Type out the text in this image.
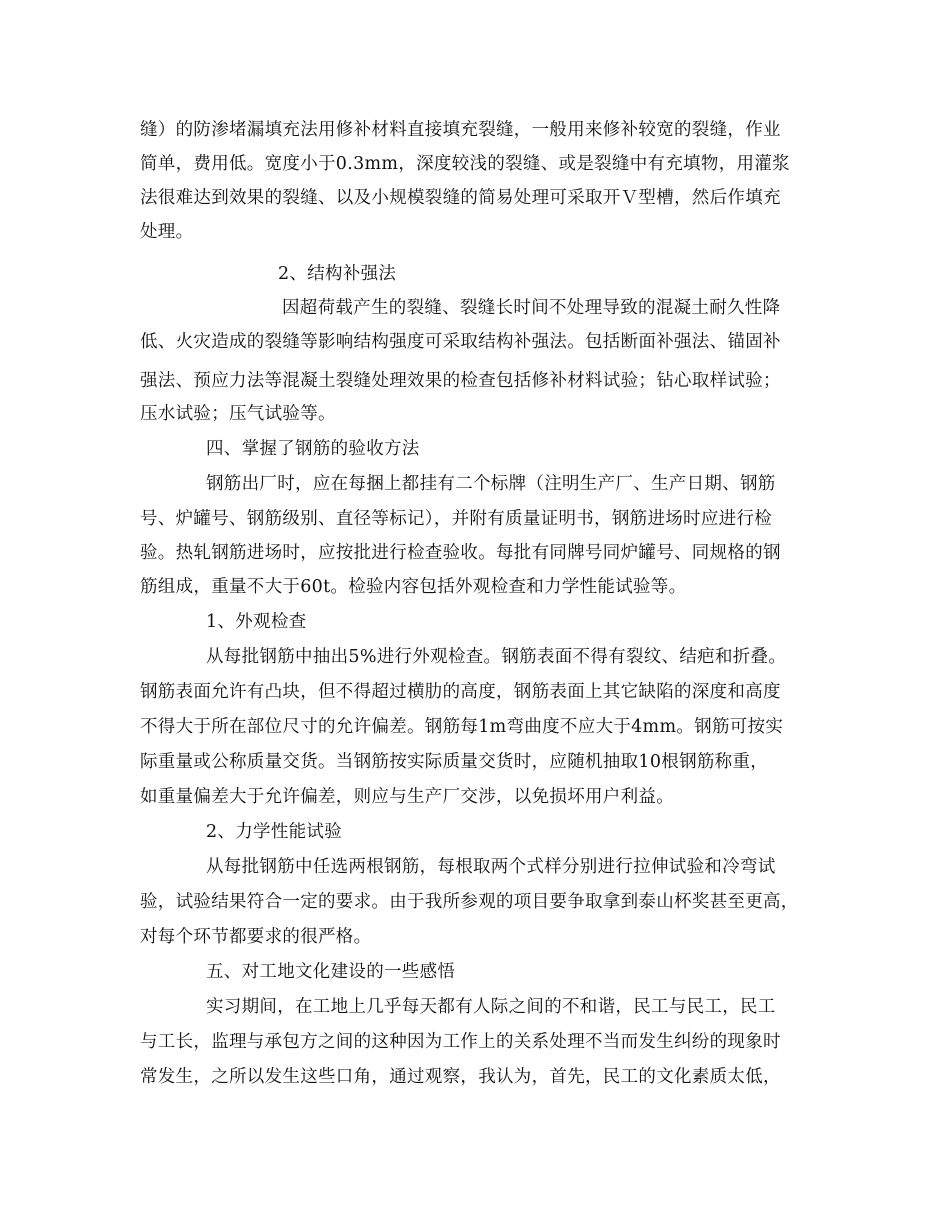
缝）的防渗堵漏填充法用修补材料直接填充裂缝，一般用来修补较宽的裂缝，作业
简单，费用低。宽度小于0.3mm，深度较浅的裂缝、或是裂缝中有充填物，用灌浆
法很难达到效果的裂缝、以及小规模裂缝的简易处理可采取开Ｖ型槽，然后作填充
处理。
2、结构补强法
因超荷载产生的裂缝、裂缝长时间不处理导致的混凝土耐久性降
低、火灾造成的裂缝等影响结构强度可采取结构补强法。包括断面补强法、锚固补
强法、预应力法等混凝土裂缝处理效果的检查包括修补材料试验；钻心取样试验；
压水试验；压气试验等。
四、掌握了钢筋的验收方法
钢筋出厂时，应在每捆上都挂有二个标牌（注明生产厂、生产日期、钢筋
号、炉罐号、钢筋级别、直径等标记），并附有质量证明书，钢筋进场时应进行检
验。热轧钢筋进场时，应按批进行检查验收。每批有同牌号同炉罐号、同规格的钢
筋组成，重量不大于60t。检验内容包括外观检查和力学性能试验等。
1、外观检查
从每批钢筋中抽出5%进行外观检查。钢筋表面不得有裂纹、结疤和折叠。
钢筋表面允许有凸块，但不得超过横肋的高度，钢筋表面上其它缺陷的深度和高度
不得大于所在部位尺寸的允许偏差。钢筋每1m弯曲度不应大于4mm。钢筋可按实
际重量或公称质量交货。当钢筋按实际质量交货时，应随机抽取10根钢筋称重，
如重量偏差大于允许偏差，则应与生产厂交涉，以免损坏用户利益。
2、力学性能试验
从每批钢筋中任选两根钢筋，每根取两个式样分别进行拉伸试验和冷弯试
验，试验结果符合一定的要求。由于我所参观的项目要争取拿到泰山杯奖甚至更高，
对每个环节都要求的很严格。
五、对工地文化建设的一些感悟
实习期间，在工地上几乎每天都有人际之间的不和谐，民工与民工，民工
与工长，监理与承包方之间的这种因为工作上的关系处理不当而发生纠纷的现象时
常发生，之所以发生这些口角，通过观察，我认为，首先，民工的文化素质太低，
